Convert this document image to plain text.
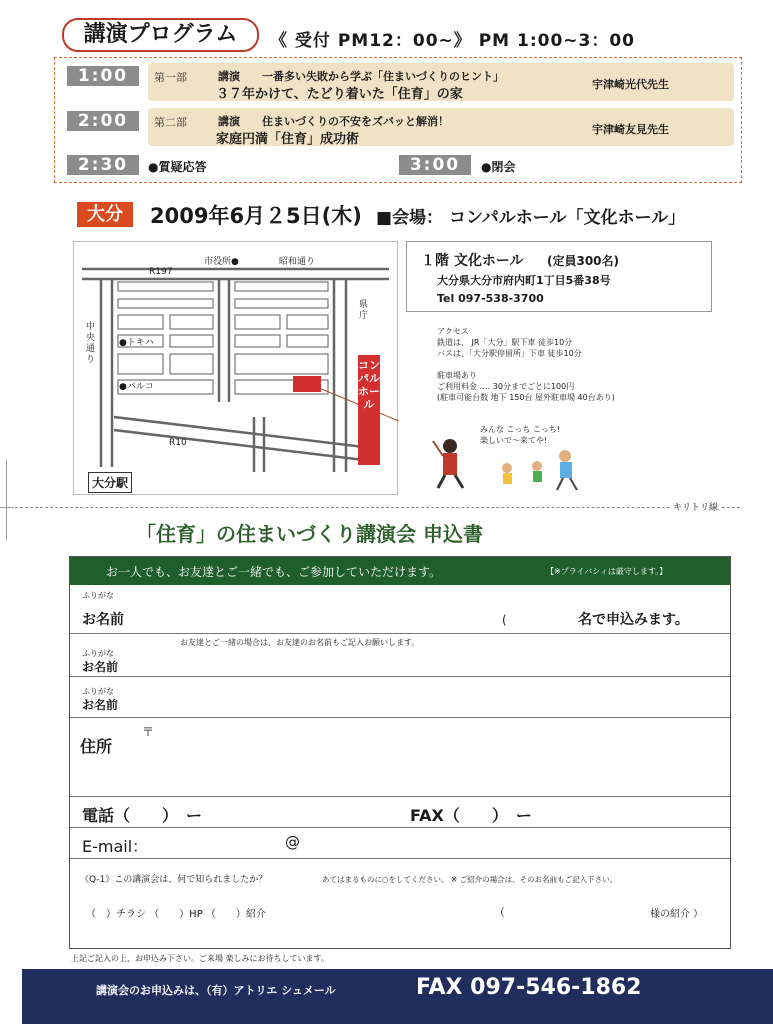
講演プログラム	《 受付 PM12：00~》 PM 1:00~3：00
1:00	第一部	講演 一番多い失敗から学ぶ「住まいづくりのヒント」
３７年かけて、たどり着いた「住育」の家
宇津崎光代先生
2:00	第二部	講演 住まいづくりの不安をズバッと解消！
家庭円満「住育」成功術
宇津崎友見先生
2:30	●質疑応答	3:00	●閉会
大分	2009年6月２5日(木) ■会場： コンパルホール「文化ホール」
市役所●	昭和通り
R197
県庁
中央通り
●トキハ
●パルコ
R10
大分駅
コンパルホール
１階 文化ホール (定員300名)
大分県大分市府内町1丁目5番38号
Tel 097-538-3700
アクセス
鉄道は、 JR「大分」駅下車 徒歩10分
バスは、「大分駅停留所」下車 徒歩10分
駐車場あり
ご利用料金 ‥‥ 30分までごとに100円
(駐車可能台数 地下 150台 屋外駐車場 40台あり)
みんな こっち こっち!
楽しいで～来てや!
キリトリ線
「住育」の住まいづくり講演会 申込書
お一人でも、お友達とご一緒でも、ご参加していただけます。	【※プライバシィは厳守します。】
ふりがな
お名前	(	名で申込みます。
お友達とご一緒の場合は、お友達のお名前もご記入お願いします。
ふりがな
お名前
ふりがな
お名前
住所
〒
電話（　　）　ー	FAX（　　）　ー
E-mail：	@
《Q-1》この講演会は、何で知られましたか？	あてはまるものに○をしてください。 ※ ご紹介の場合は、そのお名前もご記入下さい。
（　）チラシ （　　）HP （　　）紹介	（	様の紹介 ）
上記ご記入の上、お申込み下さい。ご来場 楽しみにお待ちしています。
講演会のお申込みは、（有）アトリエ シュメール	FAX 097-546-1862
